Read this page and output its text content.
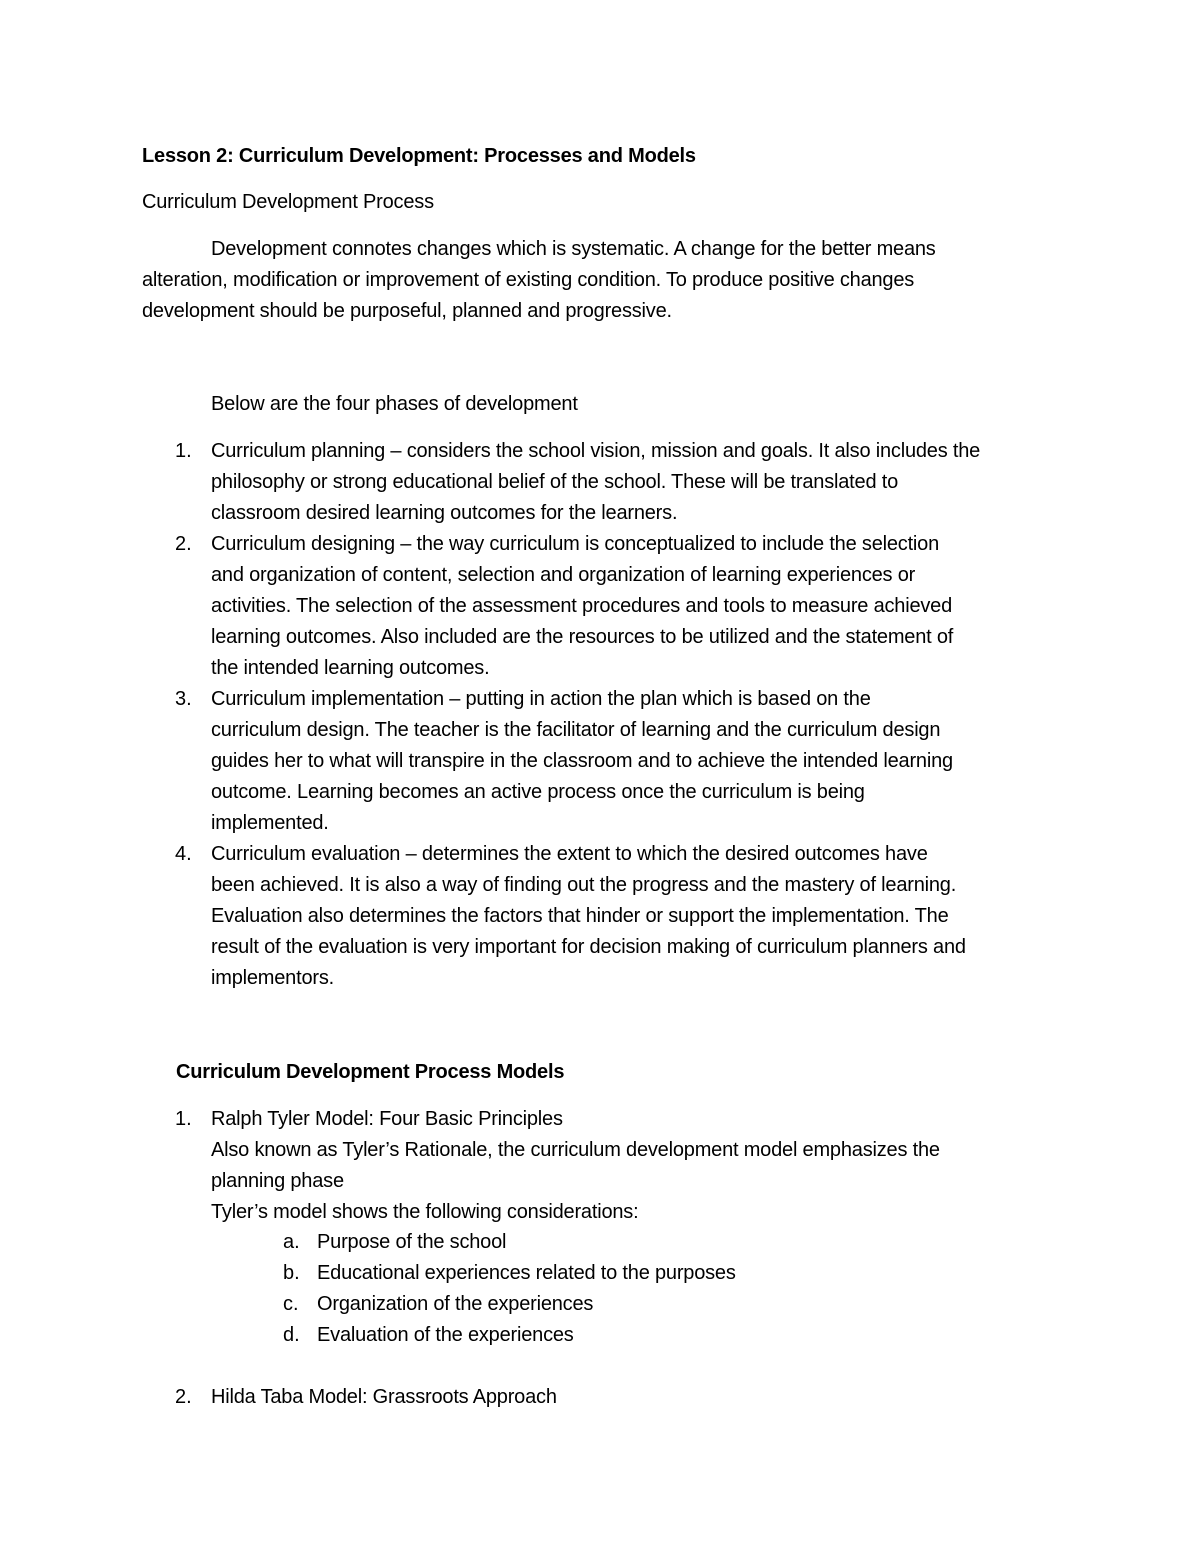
Lesson 2: Curriculum Development: Processes and Models
Curriculum Development Process
Development connotes changes which is systematic. A change for the better means
alteration, modification or improvement of existing condition. To produce positive changes
development should be purposeful, planned and progressive.
Below are the four phases of development
1. Curriculum planning – considers the school vision, mission and goals. It also includes the
philosophy or strong educational belief of the school. These will be translated to
classroom desired learning outcomes for the learners.
2. Curriculum designing – the way curriculum is conceptualized to include the selection
and organization of content, selection and organization of learning experiences or
activities. The selection of the assessment procedures and tools to measure achieved
learning outcomes. Also included are the resources to be utilized and the statement of
the intended learning outcomes.
3. Curriculum implementation – putting in action the plan which is based on the
curriculum design. The teacher is the facilitator of learning and the curriculum design
guides her to what will transpire in the classroom and to achieve the intended learning
outcome. Learning becomes an active process once the curriculum is being
implemented.
4. Curriculum evaluation – determines the extent to which the desired outcomes have
been achieved. It is also a way of finding out the progress and the mastery of learning.
Evaluation also determines the factors that hinder or support the implementation. The
result of the evaluation is very important for decision making of curriculum planners and
implementors.
Curriculum Development Process Models
1. Ralph Tyler Model: Four Basic Principles
Also known as Tyler’s Rationale, the curriculum development model emphasizes the
planning phase
Tyler’s model shows the following considerations:
a. Purpose of the school
b. Educational experiences related to the purposes
c. Organization of the experiences
d. Evaluation of the experiences
2. Hilda Taba Model: Grassroots Approach
